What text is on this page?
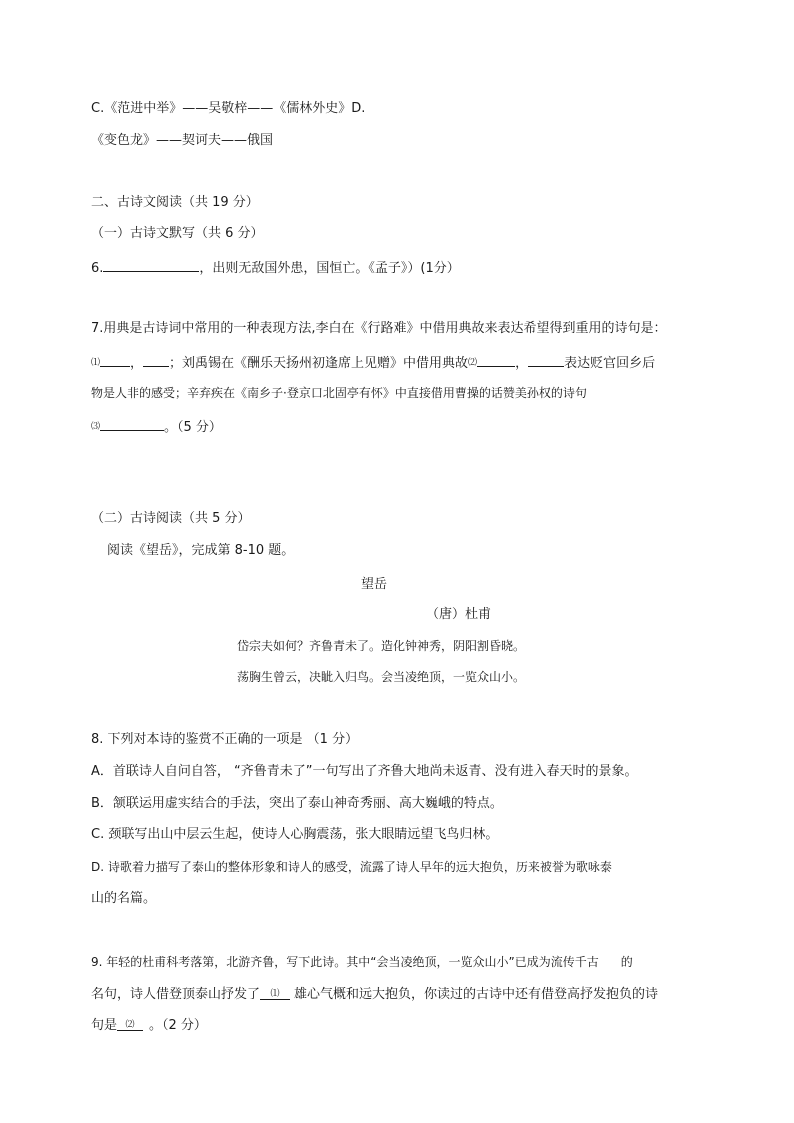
C.《范进中举》——吴敬梓——《儒林外史》D.
《变色龙》——契诃夫——俄国
二、古诗文阅读（共 19 分）
（一）古诗文默写（共 6 分）
6.	，出则无敌国外患，国恒亡。《孟子》）(1分）
7.用典是古诗词中常用的一种表现方法,李白在《行路难》中借用典故来表达希望得到重用的诗句是：
⑴ ， ；刘禹锡在《酬乐天扬州初逢席上见赠》中借用典故⑵	，	表达贬官回乡后
物是人非的感受；辛弃疾在《南乡子·登京口北固亭有怀》中直接借用曹操的话赞美孙权的诗句
⑶	。（5 分）
（二）古诗阅读（共 5 分）
阅读《望岳》，完成第 8-10 题。
望岳
（唐）杜甫
岱宗夫如何？齐鲁青未了。造化钟神秀，阴阳割昏晓。
荡胸生曾云，决眦入归鸟。会当凌绝顶，一览众山小。
8. 下列对本诗的鉴赏不正确的一项是 （1 分）
A．首联诗人自问自答， “齐鲁青未了”一句写出了齐鲁大地尚未返青、没有进入春天时的景象。
B．颔联运用虚实结合的手法，突出了泰山神奇秀丽、高大巍峨的特点。
C. 颈联写出山中层云生起，使诗人心胸震荡，张大眼睛远望飞鸟归林。
D. 诗歌着力描写了泰山的整体形象和诗人的感受，流露了诗人早年的远大抱负，历来被誉为歌咏泰
山的名篇。
9. 年轻的杜甫科考落第，北游齐鲁，写下此诗。其中“会当凌绝顶，一览众山小”已成为流传千古 的
名句，诗人借登顶泰山抒发了 ⑴ 雄心气概和远大抱负，你读过的古诗中还有借登高抒发抱负的诗
句是 ⑵ 。（2 分）
